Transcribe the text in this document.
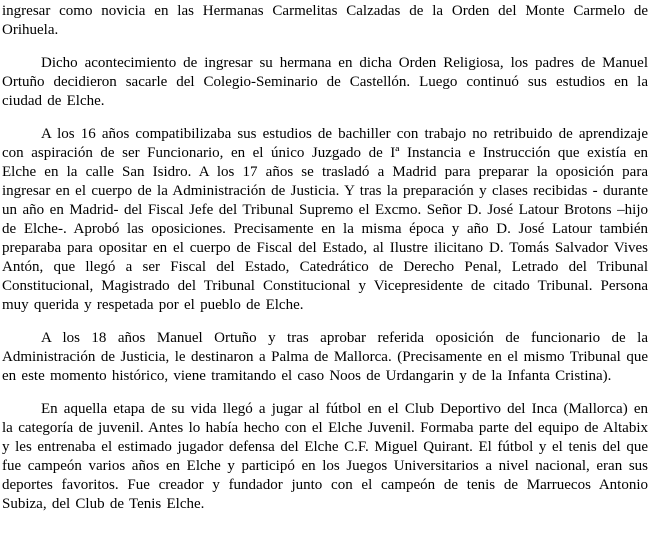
ingresar como novicia en las Hermanas Carmelitas Calzadas de la Orden del Monte Carmelo de Orihuela.

Dicho acontecimiento de ingresar su hermana en dicha Orden Religiosa, los padres de Manuel Ortuño decidieron sacarle del Colegio-Seminario de Castellón. Luego continuó sus estudios en la ciudad de Elche.

A los 16 años compatibilizaba sus estudios de bachiller con trabajo no retribuido de aprendizaje con aspiración de ser Funcionario, en el único Juzgado de Iª Instancia e Instrucción que existía en Elche en la calle San Isidro. A los 17 años se trasladó a Madrid para preparar la oposición para ingresar en el cuerpo de la Administración de Justicia. Y tras la preparación y clases recibidas - durante un año en Madrid- del Fiscal Jefe del Tribunal Supremo el Excmo. Señor D. José Latour Brotons –hijo de Elche-. Aprobó las oposiciones. Precisamente en la misma época y año D. José Latour también preparaba para opositar en el cuerpo de Fiscal del Estado, al Ilustre ilicitano D. Tomás Salvador Vives Antón, que llegó a ser Fiscal del Estado, Catedrático de Derecho Penal, Letrado del Tribunal Constitucional, Magistrado del Tribunal Constitucional y Vicepresidente de citado Tribunal. Persona muy querida y respetada por el pueblo de Elche.

A los 18 años Manuel Ortuño y tras aprobar referida oposición de funcionario de la Administración de Justicia, le destinaron a Palma de Mallorca. (Precisamente en el mismo Tribunal que en este momento histórico, viene tramitando el caso Noos de Urdangarin y de la Infanta Cristina).

En aquella etapa de su vida llegó a jugar al fútbol en el Club Deportivo del Inca (Mallorca) en la categoría de juvenil. Antes lo había hecho con el Elche Juvenil. Formaba parte del equipo de Altabix y les entrenaba el estimado jugador defensa del Elche C.F. Miguel Quirant. El fútbol y el tenis del que fue campeón varios años en Elche y participó en los Juegos Universitarios a nivel nacional, eran sus deportes favoritos. Fue creador y fundador junto con el campeón de tenis de Marruecos Antonio Subiza, del Club de Tenis Elche.
